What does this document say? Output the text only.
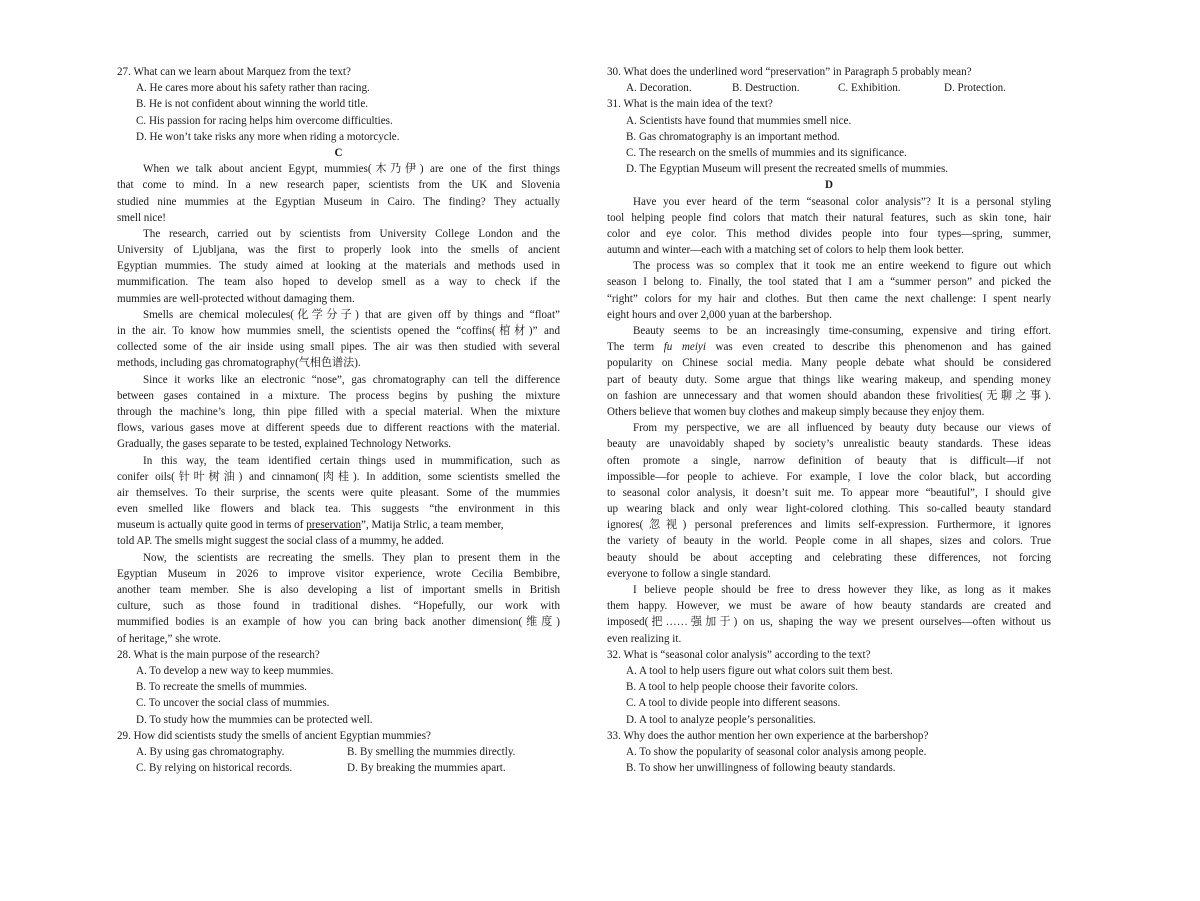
27. What can we learn about Marquez from the text?
A. He cares more about his safety rather than racing.
B. He is not confident about winning the world title.
C. His passion for racing helps him overcome difficulties.
D. He won’t take risks any more when riding a motorcycle.
C
When we talk about ancient Egypt, mummies(木乃伊) are one of the first things
that come to mind. In a new research paper, scientists from the UK and Slovenia
studied nine mummies at the Egyptian Museum in Cairo. The finding? They actually
smell nice!
The research, carried out by scientists from University College London and the
University of Ljubljana, was the first to properly look into the smells of ancient
Egyptian mummies. The study aimed at looking at the materials and methods used in
mummification. The team also hoped to develop smell as a way to check if the
mummies are well-protected without damaging them.
Smells are chemical molecules(化学分子) that are given off by things and “float”
in the air. To know how mummies smell, the scientists opened the “coffins(棺材)” and
collected some of the air inside using small pipes. The air was then studied with several
methods, including gas chromatography(气相色谱法).
Since it works like an electronic “nose”, gas chromatography can tell the difference
between gases contained in a mixture. The process begins by pushing the mixture
through the machine’s long, thin pipe filled with a special material. When the mixture
flows, various gases move at different speeds due to different reactions with the material.
Gradually, the gases separate to be tested, explained Technology Networks.
In this way, the team identified certain things used in mummification, such as
conifer oils(针叶树油) and cinnamon(肉桂). In addition, some scientists smelled the
air themselves. To their surprise, the scents were quite pleasant. Some of the mummies
even smelled like flowers and black tea. This suggests “the environment in this
museum is actually quite good in terms of preservation”, Matija Strlic, a team member,
told AP. The smells might suggest the social class of a mummy, he added.
Now, the scientists are recreating the smells. They plan to present them in the
Egyptian Museum in 2026 to improve visitor experience, wrote Cecilia Bembibre,
another team member. She is also developing a list of important smells in British
culture, such as those found in traditional dishes. “Hopefully, our work with
mummified bodies is an example of how you can bring back another dimension(维度)
of heritage,” she wrote.
28. What is the main purpose of the research?
A. To develop a new way to keep mummies.
B. To recreate the smells of mummies.
C. To uncover the social class of mummies.
D. To study how the mummies can be protected well.
29. How did scientists study the smells of ancient Egyptian mummies?
A. By using gas chromatography.	B. By smelling the mummies directly.
C. By relying on historical records.	D. By breaking the mummies apart.
30. What does the underlined word “preservation” in Paragraph 5 probably mean?
A. Decoration.	B. Destruction.	C. Exhibition.	D. Protection.
31. What is the main idea of the text?
A. Scientists have found that mummies smell nice.
B. Gas chromatography is an important method.
C. The research on the smells of mummies and its significance.
D. The Egyptian Museum will present the recreated smells of mummies.
D
Have you ever heard of the term “seasonal color analysis”? It is a personal styling
tool helping people find colors that match their natural features, such as skin tone, hair
color and eye color. This method divides people into four types—spring, summer,
autumn and winter—each with a matching set of colors to help them look better.
The process was so complex that it took me an entire weekend to figure out which
season I belong to. Finally, the tool stated that I am a “summer person” and picked the
“right” colors for my hair and clothes. But then came the next challenge: I spent nearly
eight hours and over 2,000 yuan at the barbershop.
Beauty seems to be an increasingly time-consuming, expensive and tiring effort.
The term fu meiyi was even created to describe this phenomenon and has gained
popularity on Chinese social media. Many people debate what should be considered
part of beauty duty. Some argue that things like wearing makeup, and spending money
on fashion are unnecessary and that women should abandon these frivolities(无聊之事).
Others believe that women buy clothes and makeup simply because they enjoy them.
From my perspective, we are all influenced by beauty duty because our views of
beauty are unavoidably shaped by society’s unrealistic beauty standards. These ideas
often promote a single, narrow definition of beauty that is difficult—if not
impossible—for people to achieve. For example, I love the color black, but according
to seasonal color analysis, it doesn’t suit me. To appear more “beautiful”, I should give
up wearing black and only wear light-colored clothing. This so-called beauty standard
ignores(忽视) personal preferences and limits self-expression. Furthermore, it ignores
the variety of beauty in the world. People come in all shapes, sizes and colors. True
beauty should be about accepting and celebrating these differences, not forcing
everyone to follow a single standard.
I believe people should be free to dress however they like, as long as it makes
them happy. However, we must be aware of how beauty standards are created and
imposed(把……强加于) on us, shaping the way we present ourselves—often without us
even realizing it.
32. What is “seasonal color analysis” according to the text?
A. A tool to help users figure out what colors suit them best.
B. A tool to help people choose their favorite colors.
C. A tool to divide people into different seasons.
D. A tool to analyze people’s personalities.
33. Why does the author mention her own experience at the barbershop?
A. To show the popularity of seasonal color analysis among people.
B. To show her unwillingness of following beauty standards.
